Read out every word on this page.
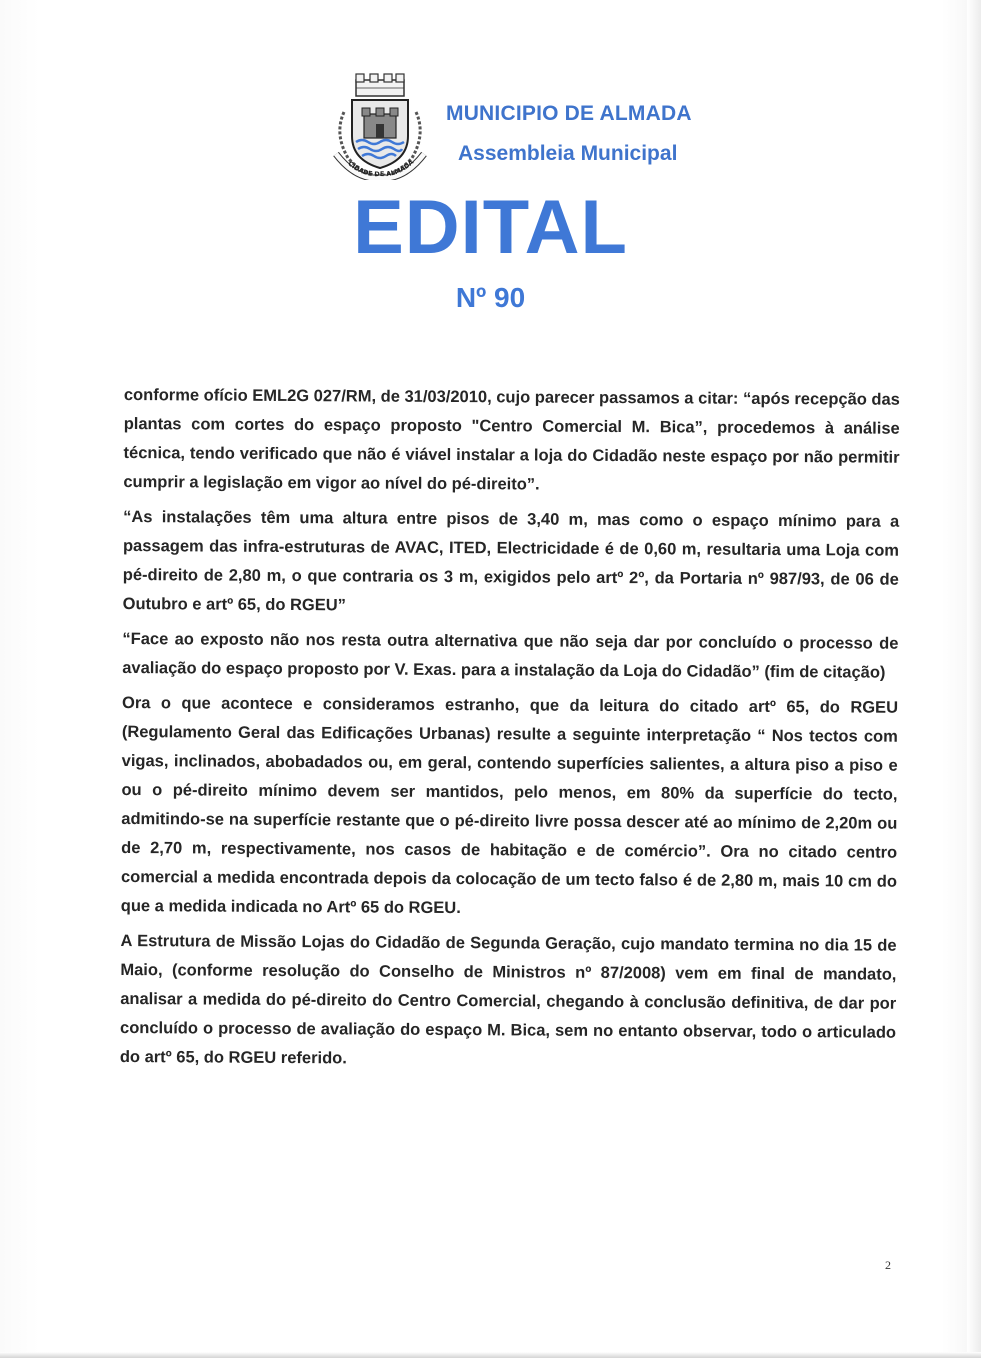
CIDADE DE ALMADA
MUNICIPIO DE ALMADA
Assembleia Municipal
EDITAL
Nº 90

conforme ofício EML2G 027/RM, de 31/03/2010, cujo parecer passamos a citar: “após recepção das plantas com cortes do espaço proposto "Centro Comercial M. Bica”, procedemos à análise técnica, tendo verificado que não é viável instalar a loja do Cidadão neste espaço por não permitir cumprir a legislação em vigor ao nível do pé-direito”.

“As instalações têm uma altura entre pisos de 3,40 m, mas como o espaço mínimo para a passagem das infra-estruturas de AVAC, ITED, Electricidade é de 0,60 m, resultaria uma Loja com pé-direito de 2,80 m, o que contraria os 3 m, exigidos pelo artº 2º, da Portaria nº 987/93, de 06 de Outubro e artº 65, do RGEU”

“Face ao exposto não nos resta outra alternativa que não seja dar por concluído o processo de avaliação do espaço proposto por V. Exas. para a instalação da Loja do Cidadão” (fim de citação)

Ora o que acontece e consideramos estranho, que da leitura do citado artº 65, do RGEU (Regulamento Geral das Edificações Urbanas) resulte a seguinte interpretação “ Nos tectos com vigas, inclinados, abobadados ou, em geral, contendo superfícies salientes, a altura piso a piso e ou o pé-direito mínimo devem ser mantidos, pelo menos, em 80% da superfície do tecto, admitindo-se na superfície restante que o pé-direito livre possa descer até ao mínimo de 2,20m ou de 2,70 m, respectivamente, nos casos de habitação e de comércio”. Ora no citado centro comercial a medida encontrada depois da colocação de um tecto falso é de 2,80 m, mais 10 cm do que a medida indicada no Artº 65 do RGEU.

A Estrutura de Missão Lojas do Cidadão de Segunda Geração, cujo mandato termina no dia 15 de Maio, (conforme resolução do Conselho de Ministros nº 87/2008) vem em final de mandato, analisar a medida do pé-direito do Centro Comercial, chegando à conclusão definitiva, de dar por concluído o processo de avaliação do espaço M. Bica, sem no entanto observar, todo o articulado do artº 65, do RGEU referido.

2
